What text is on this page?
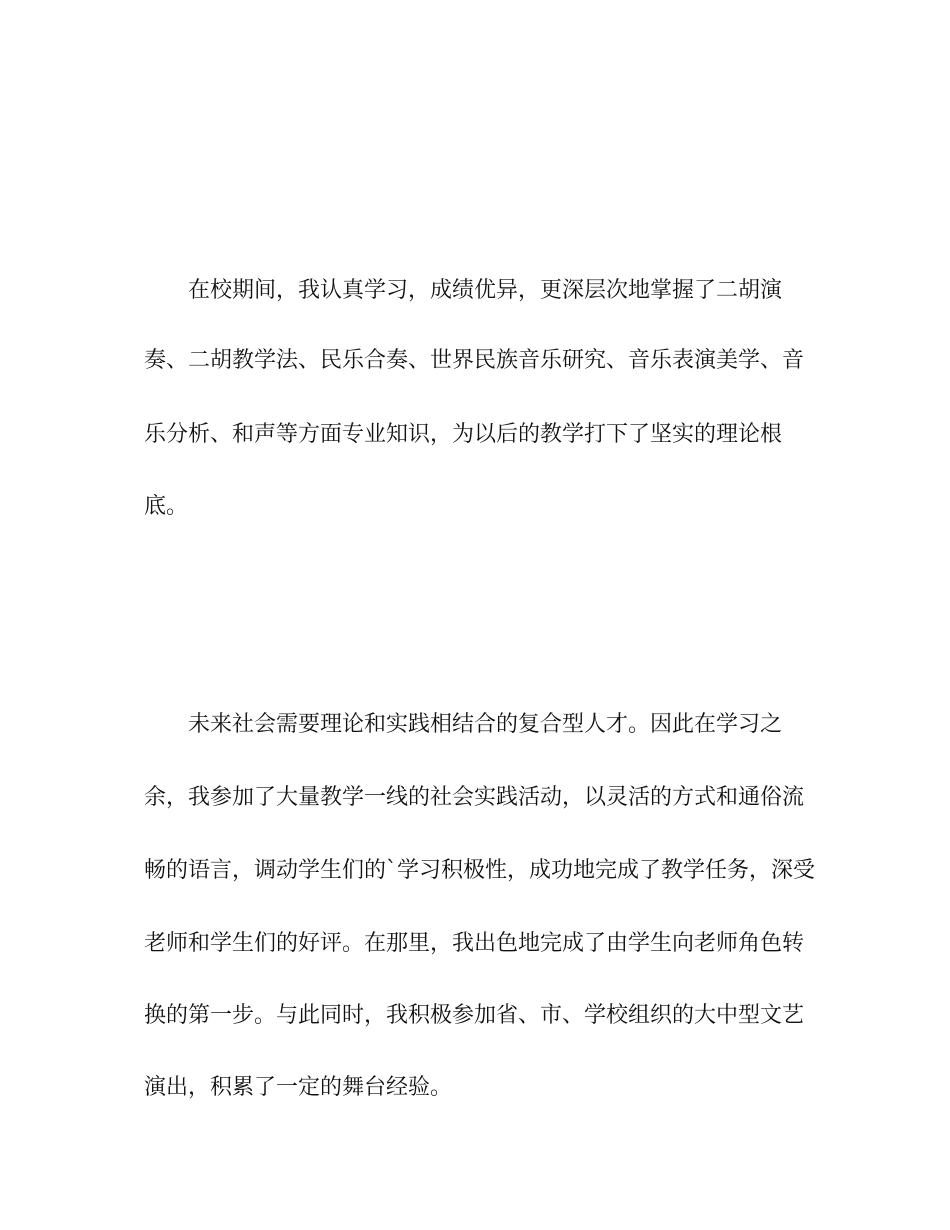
在校期间，我认真学习，成绩优异，更深层次地掌握了二胡演

奏、二胡教学法、民乐合奏、世界民族音乐研究、音乐表演美学、音

乐分析、和声等方面专业知识，为以后的教学打下了坚实的理论根

底。

未来社会需要理论和实践相结合的复合型人才。因此在学习之

余，我参加了大量教学一线的社会实践活动，以灵活的方式和通俗流

畅的语言，调动学生们的`学习积极性，成功地完成了教学任务，深受

老师和学生们的好评。在那里，我出色地完成了由学生向老师角色转

换的第一步。与此同时，我积极参加省、市、学校组织的大中型文艺

演出，积累了一定的舞台经验。
